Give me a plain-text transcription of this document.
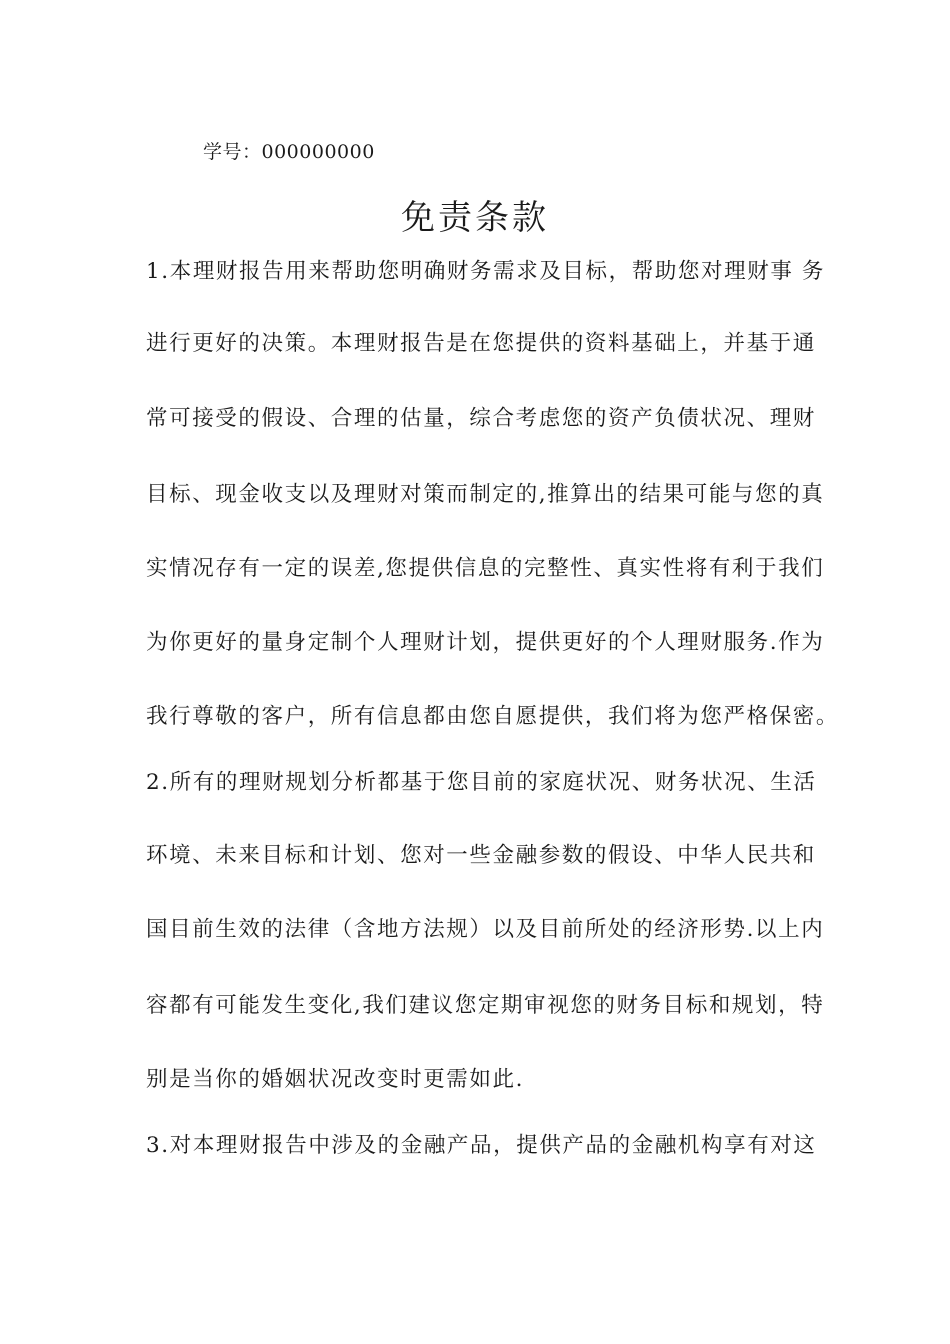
学号：000000000
免责条款
1.本理财报告用来帮助您明确财务需求及目标，帮助您对理财事 务
进行更好的决策。本理财报告是在您提供的资料基础上，并基于通
常可接受的假设、合理的估量，综合考虑您的资产负债状况、理财
目标、现金收支以及理财对策而制定的,推算出的结果可能与您的真
实情况存有一定的误差,您提供信息的完整性、真实性将有利于我们
为你更好的量身定制个人理财计划，提供更好的个人理财服务.作为
我行尊敬的客户，所有信息都由您自愿提供，我们将为您严格保密。
2.所有的理财规划分析都基于您目前的家庭状况、财务状况、生活
环境、未来目标和计划、您对一些金融参数的假设、中华人民共和
国目前生效的法律（含地方法规）以及目前所处的经济形势.以上内
容都有可能发生变化,我们建议您定期审视您的财务目标和规划，特
别是当你的婚姻状况改变时更需如此.
3.对本理财报告中涉及的金融产品，提供产品的金融机构享有对这
